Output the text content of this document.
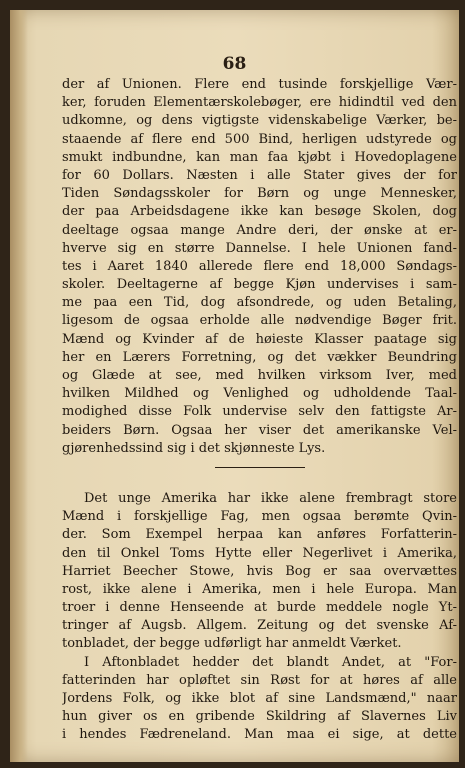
68
der af Unionen. Flere end tusinde forskjellige Vær-
ker, foruden Elementærskolebøger, ere hidindtil ved den
udkomne, og dens vigtigste videnskabelige Værker, be-
staaende af flere end 500 Bind, herligen udstyrede og
smukt indbundne, kan man faa kjøbt i Hovedoplagene
for 60 Dollars. Næsten i alle Stater gives der for
Tiden Søndagsskoler for Børn og unge Mennesker,
der paa Arbeidsdagene ikke kan besøge Skolen, dog
deeltage ogsaa mange Andre deri, der ønske at er-
hverve sig en større Dannelse. I hele Unionen fand-
tes i Aaret 1840 allerede flere end 18,000 Søndags-
skoler. Deeltagerne af begge Kjøn undervises i sam-
me paa een Tid, dog afsondrede, og uden Betaling,
ligesom de ogsaa erholde alle nødvendige Bøger frit.
Mænd og Kvinder af de høieste Klasser paatage sig
her en Lærers Forretning, og det vækker Beundring
og Glæde at see, med hvilken virksom Iver, med
hvilken Mildhed og Venlighed og udholdende Taal-
modighed disse Folk undervise selv den fattigste Ar-
beiders Børn. Ogsaa her viser det amerikanske Vel-
gjørenhedssind sig i det skjønneste Lys.
Det unge Amerika har ikke alene frembragt store
Mænd i forskjellige Fag, men ogsaa berømte Qvin-
der. Som Exempel herpaa kan anføres Forfatterin-
den til Onkel Toms Hytte eller Negerlivet i Amerika,
Harriet Beecher Stowe, hvis Bog er saa overvættes
rost, ikke alene i Amerika, men i hele Europa. Man
troer i denne Henseende at burde meddele nogle Yt-
tringer af Augsb. Allgem. Zeitung og det svenske Af-
tonbladet, der begge udførligt har anmeldt Værket.
I Aftonbladet hedder det blandt Andet, at "For-
fatterinden har opløftet sin Røst for at høres af alle
Jordens Folk, og ikke blot af sine Landsmænd," naar
hun giver os en gribende Skildring af Slavernes Liv
i hendes Fædreneland. Man maa ei sige, at dette
